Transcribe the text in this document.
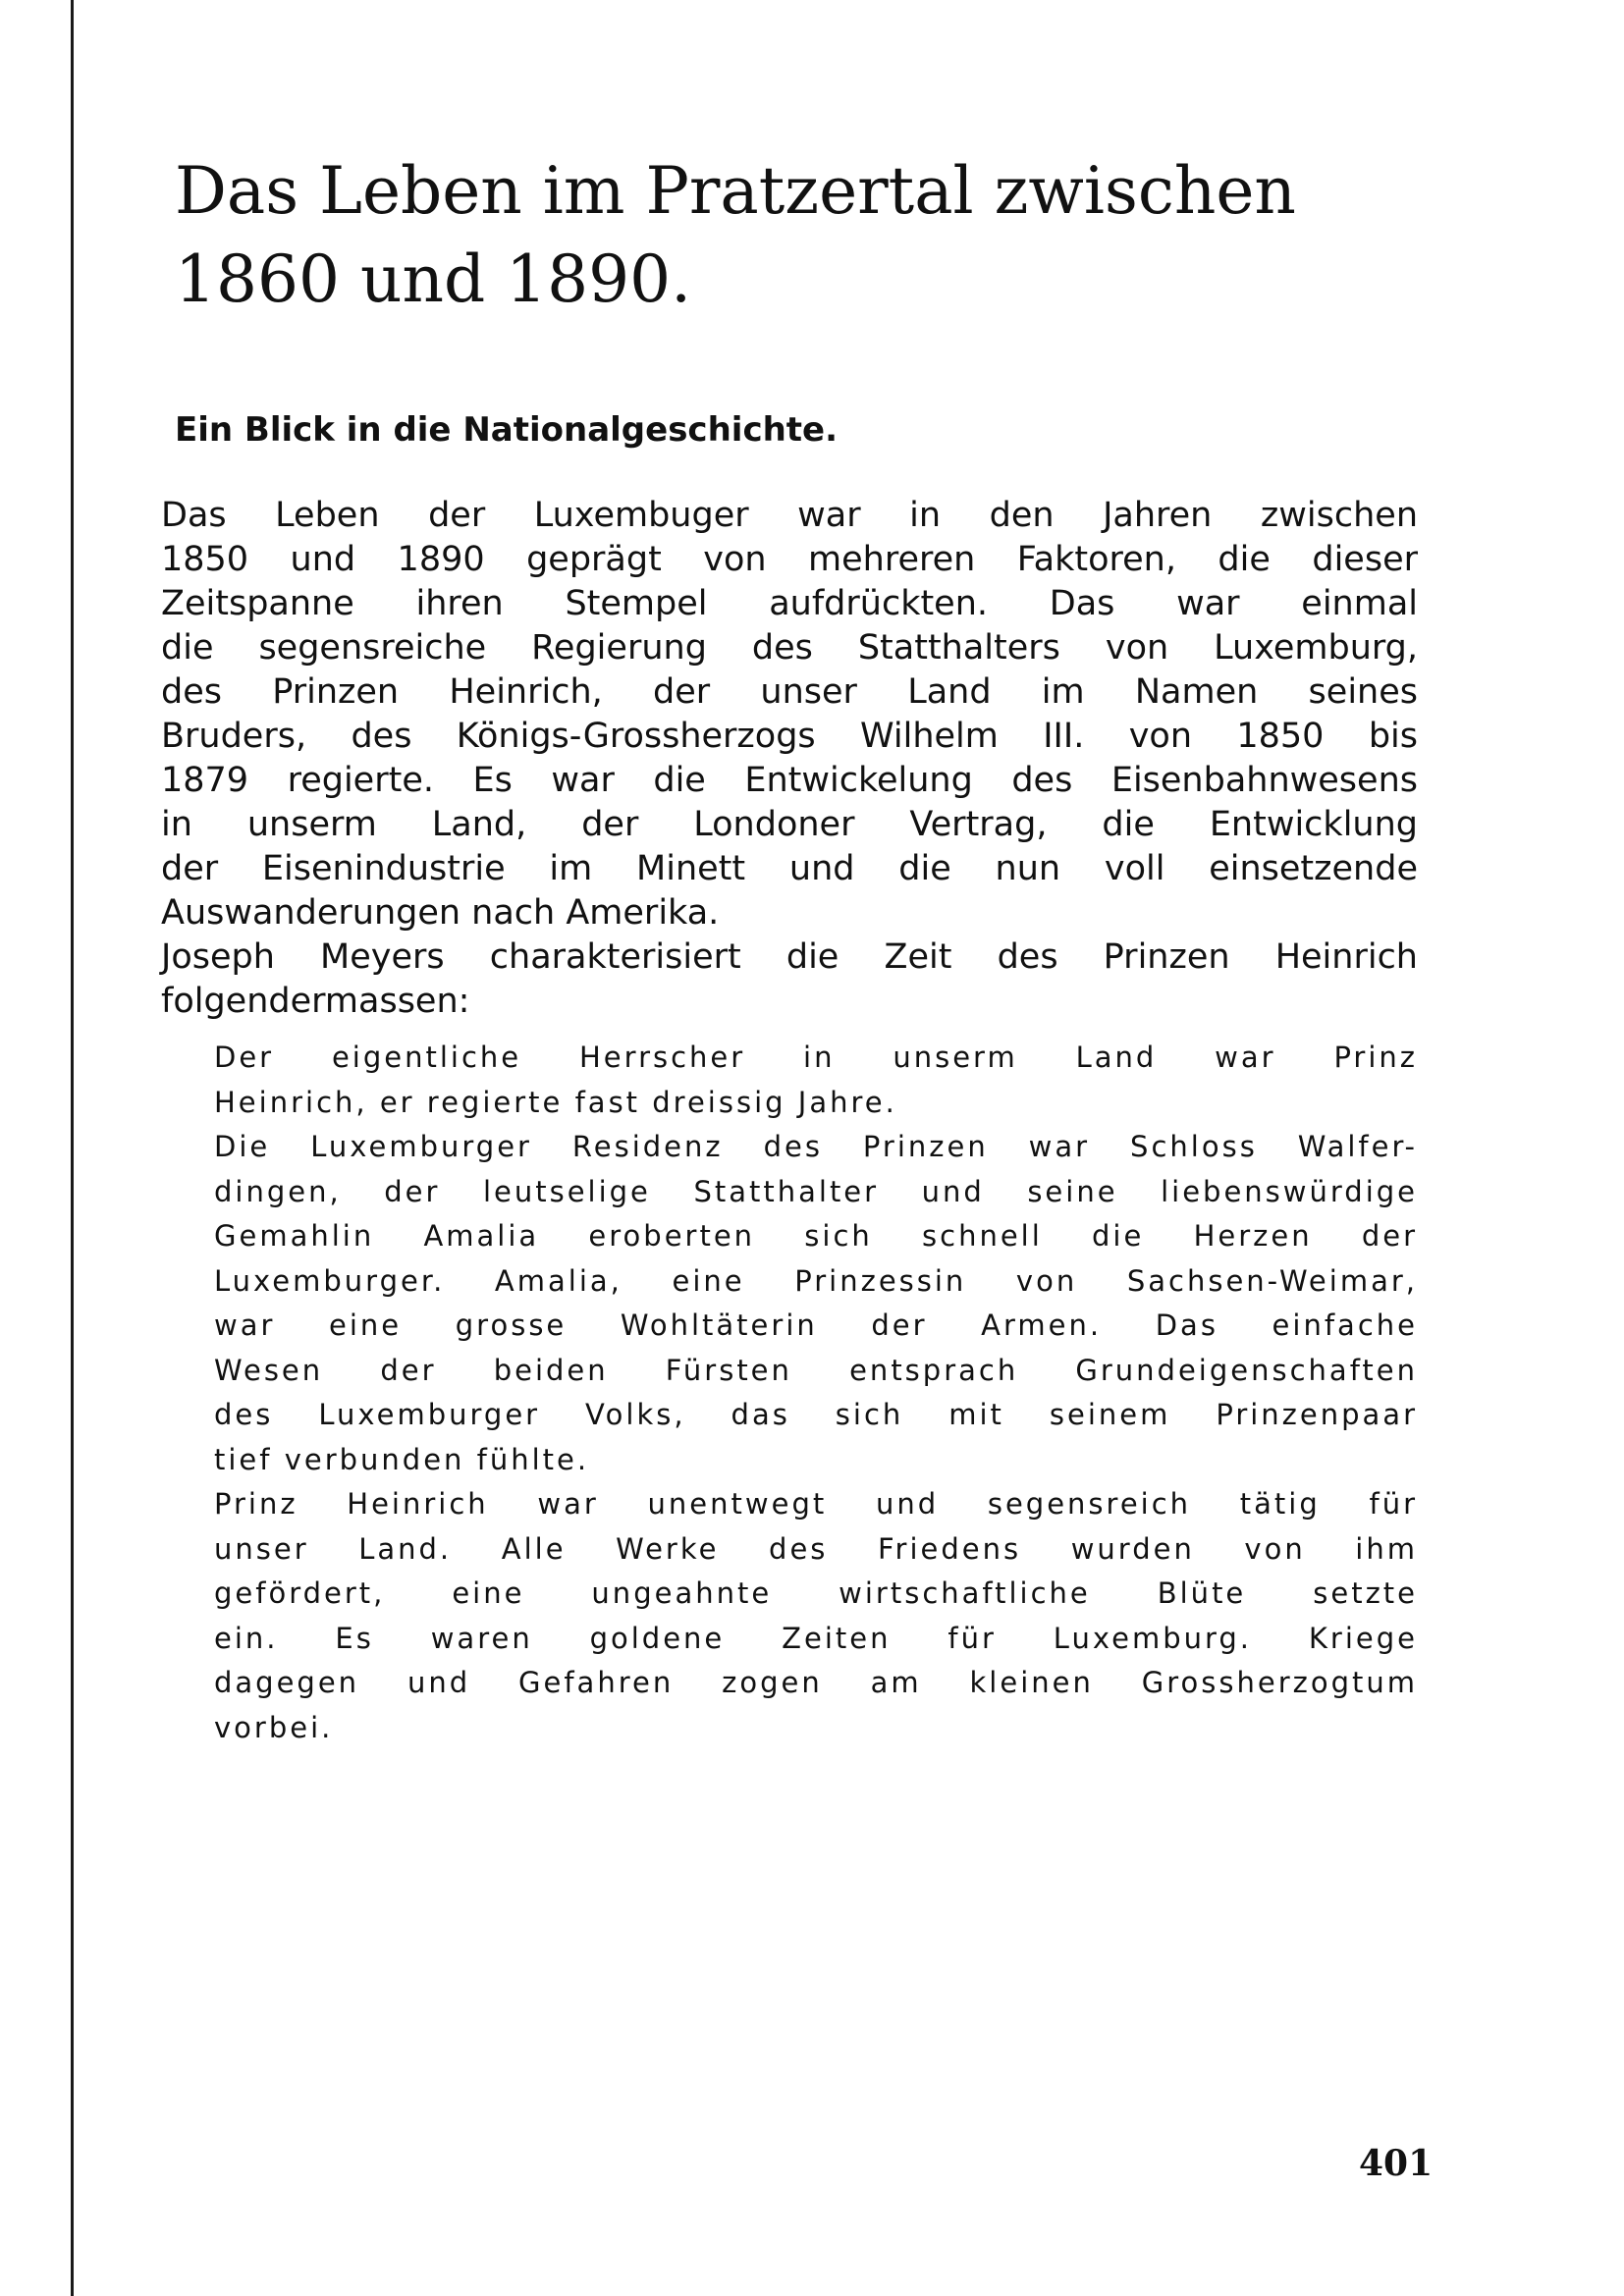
Das Leben im Pratzertal zwischen
1860 und 1890.
Ein Blick in die Nationalgeschichte.
Das Leben der Luxembuger war in den Jahren zwischen
1850 und 1890 geprägt von mehreren Faktoren, die dieser
Zeitspanne ihren Stempel aufdrückten. Das war einmal
die segensreiche Regierung des Statthalters von Luxemburg,
des Prinzen Heinrich, der unser Land im Namen seines
Bruders, des Königs-Grossherzogs Wilhelm III. von 1850 bis
1879 regierte. Es war die Entwickelung des Eisenbahnwesens
in unserm Land, der Londoner Vertrag, die Entwicklung
der Eisenindustrie im Minett und die nun voll einsetzende
Auswanderungen nach Amerika.
Joseph Meyers charakterisiert die Zeit des Prinzen Heinrich
folgendermassen:
Der eigentliche Herrscher in unserm Land war Prinz
Heinrich, er regierte fast dreissig Jahre.
Die Luxemburger Residenz des Prinzen war Schloss Walfer-
dingen, der leutselige Statthalter und seine liebenswürdige
Gemahlin Amalia eroberten sich schnell die Herzen der
Luxemburger. Amalia, eine Prinzessin von Sachsen-Weimar,
war eine grosse Wohltäterin der Armen. Das einfache
Wesen der beiden Fürsten entsprach Grundeigenschaften
des Luxemburger Volks, das sich mit seinem Prinzenpaar
tief verbunden fühlte.
Prinz Heinrich war unentwegt und segensreich tätig für
unser Land. Alle Werke des Friedens wurden von ihm
gefördert, eine ungeahnte wirtschaftliche Blüte setzte
ein. Es waren goldene Zeiten für Luxemburg. Kriege
dagegen und Gefahren zogen am kleinen Grossherzogtum
vorbei.

401
